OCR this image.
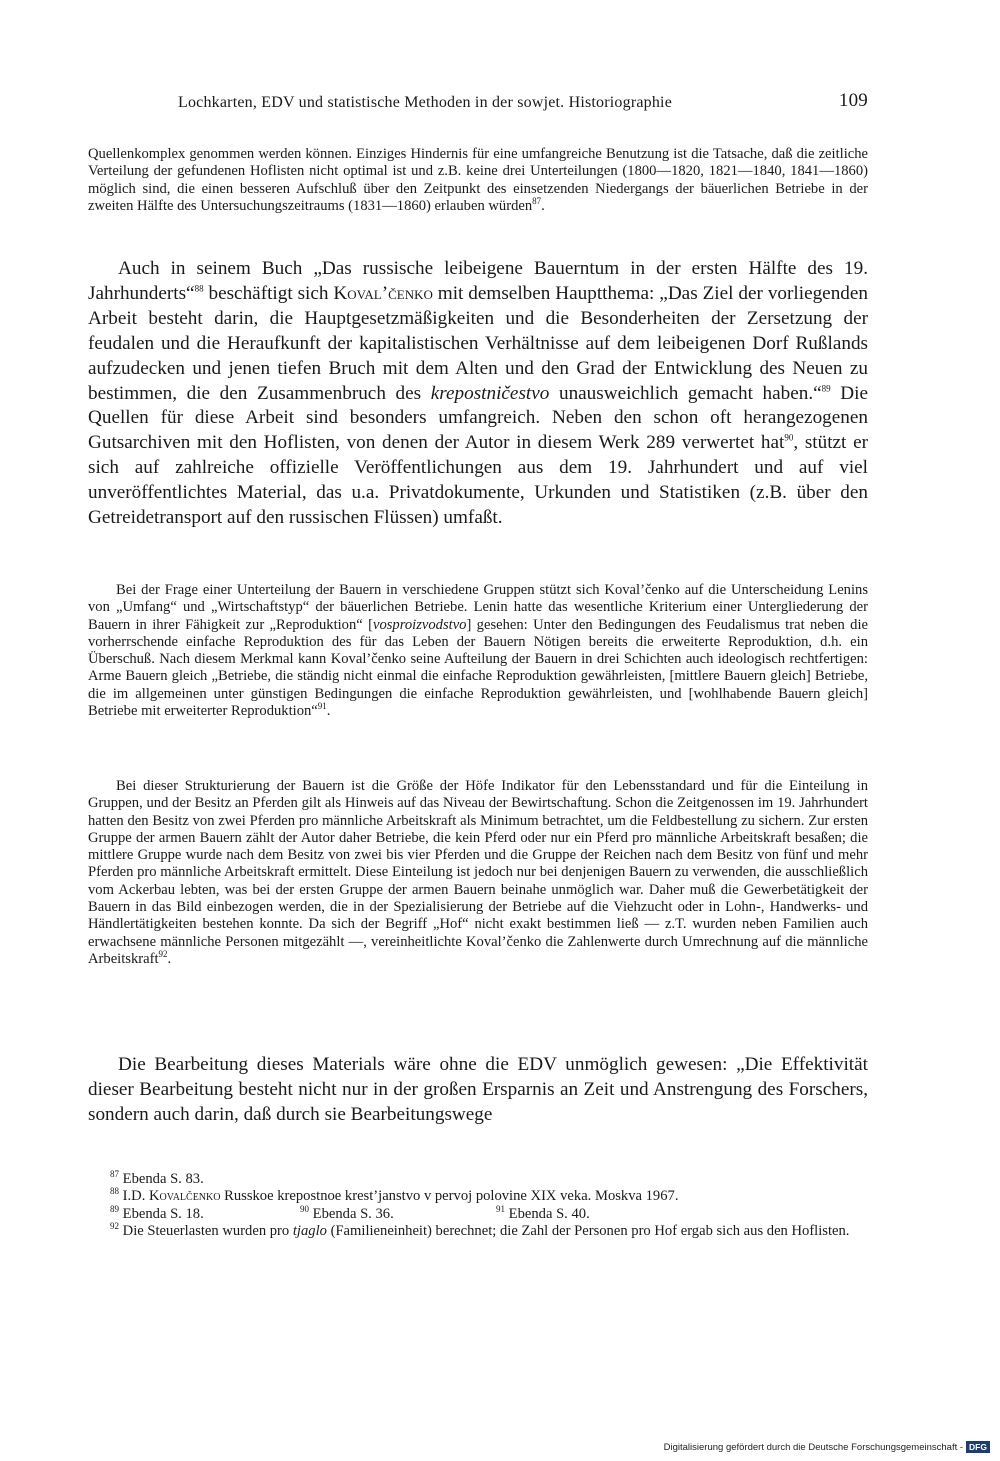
Lochkarten, EDV und statistische Methoden in der sowjet. Historiographie	109
Quellenkomplex genommen werden können. Einziges Hindernis für eine umfangreiche Benutzung ist die Tatsache, daß die zeitliche Verteilung der gefundenen Hoflisten nicht optimal ist und z.B. keine drei Unterteilungen (1800—1820, 1821—1840, 1841—1860) möglich sind, die einen besseren Aufschluß über den Zeitpunkt des einsetzenden Niedergangs der bäuerlichen Betriebe in der zweiten Hälfte des Untersuchungszeitraums (1831—1860) erlauben würden$^{87}$.
Auch in seinem Buch „Das russische leibeigene Bauerntum in der ersten Hälfte des 19. Jahrhunderts“$^{88}$ beschäftigt sich Koval’čenko mit demselben Hauptthema: „Das Ziel der vorliegenden Arbeit besteht darin, die Hauptgesetzmäßigkeiten und die Besonderheiten der Zersetzung der feudalen und die Heraufkunft der kapitalistischen Verhältnisse auf dem leibeigenen Dorf Rußlands aufzudecken und jenen tiefen Bruch mit dem Alten und den Grad der Entwicklung des Neuen zu bestimmen, die den Zusammenbruch des krepostničestvo unausweichlich gemacht haben.“$^{89}$ Die Quellen für diese Arbeit sind besonders umfangreich. Neben den schon oft herangezogenen Gutsarchiven mit den Hoflisten, von denen der Autor in diesem Werk 289 verwertet hat$^{90}$, stützt er sich auf zahlreiche offizielle Veröffentlichungen aus dem 19. Jahrhundert und auf viel unveröffentlichtes Material, das u.a. Privatdokumente, Urkunden und Statistiken (z.B. über den Getreidetransport auf den russischen Flüssen) umfaßt.
Bei der Frage einer Unterteilung der Bauern in verschiedene Gruppen stützt sich Koval’čenko auf die Unterscheidung Lenins von „Umfang“ und „Wirtschaftstyp“ der bäuerlichen Betriebe. Lenin hatte das wesentliche Kriterium einer Untergliederung der Bauern in ihrer Fähigkeit zur „Reproduktion“ [vosproizvodstvo] gesehen: Unter den Bedingungen des Feudalismus trat neben die vorherrschende einfache Reproduktion des für das Leben der Bauern Nötigen bereits die erweiterte Reproduktion, d.h. ein Überschuß. Nach diesem Merkmal kann Koval’čenko seine Aufteilung der Bauern in drei Schichten auch ideologisch rechtfertigen: Arme Bauern gleich „Betriebe, die ständig nicht einmal die einfache Reproduktion gewährleisten, [mittlere Bauern gleich] Betriebe, die im allgemeinen unter günstigen Bedingungen die einfache Reproduktion gewährleisten, und [wohlhabende Bauern gleich] Betriebe mit erweiterter Reproduktion“$^{91}$.
Bei dieser Strukturierung der Bauern ist die Größe der Höfe Indikator für den Lebensstandard und für die Einteilung in Gruppen, und der Besitz an Pferden gilt als Hinweis auf das Niveau der Bewirtschaftung. Schon die Zeitgenossen im 19. Jahrhundert hatten den Besitz von zwei Pferden pro männliche Arbeitskraft als Minimum betrachtet, um die Feldbestellung zu sichern. Zur ersten Gruppe der armen Bauern zählt der Autor daher Betriebe, die kein Pferd oder nur ein Pferd pro männliche Arbeitskraft besaßen; die mittlere Gruppe wurde nach dem Besitz von zwei bis vier Pferden und die Gruppe der Reichen nach dem Besitz von fünf und mehr Pferden pro männliche Arbeitskraft ermittelt. Diese Einteilung ist jedoch nur bei denjenigen Bauern zu verwenden, die ausschließlich vom Ackerbau lebten, was bei der ersten Gruppe der armen Bauern beinahe unmöglich war. Daher muß die Gewerbetätigkeit der Bauern in das Bild einbezogen werden, die in der Spezialisierung der Betriebe auf die Viehzucht oder in Lohn-, Handwerks- und Händlertätigkeiten bestehen konnte. Da sich der Begriff „Hof“ nicht exakt bestimmen ließ — z.T. wurden neben Familien auch erwachsene männliche Personen mitgezählt —, vereinheitlichte Koval’čenko die Zahlenwerte durch Umrechnung auf die männliche Arbeitskraft$^{92}$.
Die Bearbeitung dieses Materials wäre ohne die EDV unmöglich gewesen: „Die Effektivität dieser Bearbeitung besteht nicht nur in der großen Ersparnis an Zeit und Anstrengung des Forschers, sondern auch darin, daß durch sie Bearbeitungswege
$^{87}$ Ebenda S. 83.
$^{88}$ I.D. Kovalčenko Russkoe krepostnoe krest’janstvo v pervoj polovine XIX veka. Moskva 1967.
$^{89}$ Ebenda S. 18.	$^{90}$ Ebenda S. 36.	$^{91}$ Ebenda S. 40.
$^{92}$ Die Steuerlasten wurden pro tjaglo (Familieneinheit) berechnet; die Zahl der Personen pro Hof ergab sich aus den Hoflisten.
Digitalisierung gefördert durch die Deutsche Forschungsgemeinschaft - DFG
